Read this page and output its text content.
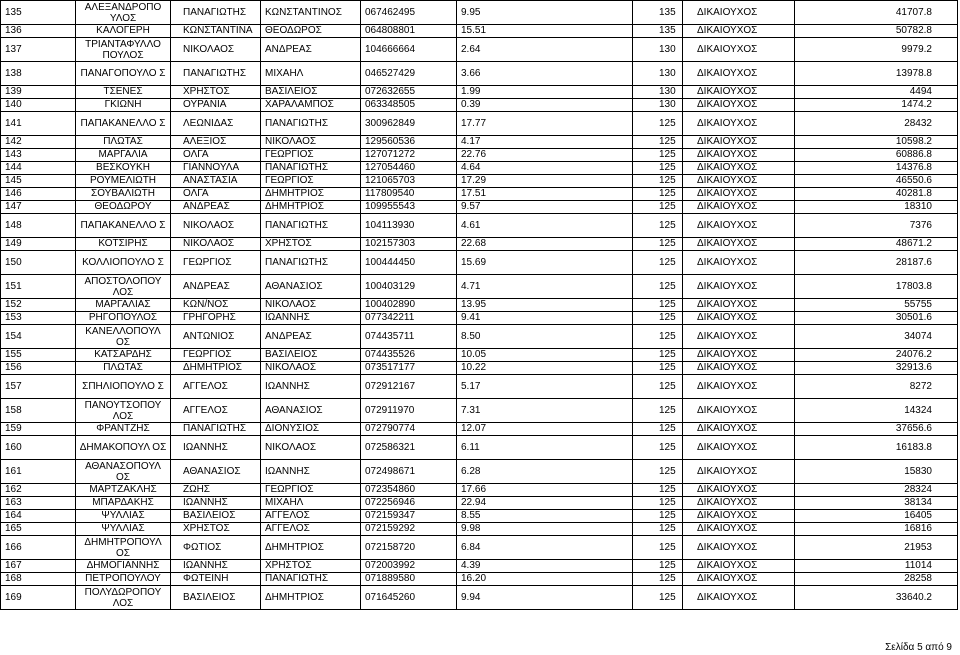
135	ΑΛΕΞΑΝΔΡΟΠΟ ΥΛΟΣ	ΠΑΝΑΓΙΩΤΗΣ	ΚΩΝΣΤΑΝΤΙΝΟΣ	067462495	9.95	135	ΔΙΚΑΙΟΥΧΟΣ	41707.8
136	ΚΑΛΟΓΕΡΗ	ΚΩΝΣΤΑΝΤΙΝΑ	ΘΕΟΔΩΡΟΣ	064808801	15.51	135	ΔΙΚΑΙΟΥΧΟΣ	50782.8
137	ΤΡΙΑΝΤΑΦΥΛΛΟ ΠΟΥΛΟΣ	ΝΙΚΟΛΑΟΣ	ΑΝΔΡΕΑΣ	104666664	2.64	130	ΔΙΚΑΙΟΥΧΟΣ	9979.2
138	ΠΑΝΑΓΟΠΟΥΛΟ Σ	ΠΑΝΑΓΙΩΤΗΣ	ΜΙΧΑΗΛ	046527429	3.66	130	ΔΙΚΑΙΟΥΧΟΣ	13978.8
139	ΤΣΕΝΕΣ	ΧΡΗΣΤΟΣ	ΒΑΣΙΛΕΙΟΣ	072632655	1.99	130	ΔΙΚΑΙΟΥΧΟΣ	4494
140	ΓΚΙΩΝΗ	ΟΥΡΑΝΙΑ	ΧΑΡΑΛΑΜΠΟΣ	063348505	0.39	130	ΔΙΚΑΙΟΥΧΟΣ	1474.2
141	ΠΑΠΑΚΑΝΕΛΛΟ Σ	ΛΕΩΝΙΔΑΣ	ΠΑΝΑΓΙΩΤΗΣ	300962849	17.77	125	ΔΙΚΑΙΟΥΧΟΣ	28432
142	ΠΛΩΤΑΣ	ΑΛΕΞΙΟΣ	ΝΙΚΟΛΑΟΣ	129560536	4.17	125	ΔΙΚΑΙΟΥΧΟΣ	10598.2
143	ΜΑΡΓΑΛΙΑ	ΟΛΓΑ	ΓΕΩΡΓΙΟΣ	127071272	22.76	125	ΔΙΚΑΙΟΥΧΟΣ	60886.8
144	ΒΕΣΚΟΥΚΗ	ΓΙΑΝΝΟΥΛΑ	ΠΑΝΑΓΙΩΤΗΣ	127054460	4.64	125	ΔΙΚΑΙΟΥΧΟΣ	14376.8
145	ΡΟΥΜΕΛΙΩΤΗ	ΑΝΑΣΤΑΣΙΑ	ΓΕΩΡΓΙΟΣ	121065703	17.29	125	ΔΙΚΑΙΟΥΧΟΣ	46550.6
146	ΣΟΥΒΑΛΙΩΤΗ	ΟΛΓΑ	ΔΗΜΗΤΡΙΟΣ	117809540	17.51	125	ΔΙΚΑΙΟΥΧΟΣ	40281.8
147	ΘΕΟΔΩΡΟΥ	ΑΝΔΡΕΑΣ	ΔΗΜΗΤΡΙΟΣ	109955543	9.57	125	ΔΙΚΑΙΟΥΧΟΣ	18310
148	ΠΑΠΑΚΑΝΕΛΛΟ Σ	ΝΙΚΟΛΑΟΣ	ΠΑΝΑΓΙΩΤΗΣ	104113930	4.61	125	ΔΙΚΑΙΟΥΧΟΣ	7376
149	ΚΟΤΣΙΡΗΣ	ΝΙΚΟΛΑΟΣ	ΧΡΗΣΤΟΣ	102157303	22.68	125	ΔΙΚΑΙΟΥΧΟΣ	48671.2
150	ΚΟΛΛΙΟΠΟΥΛΟ Σ	ΓΕΩΡΓΙΟΣ	ΠΑΝΑΓΙΩΤΗΣ	100444450	15.69	125	ΔΙΚΑΙΟΥΧΟΣ	28187.6
151	ΑΠΟΣΤΟΛΟΠΟΥ ΛΟΣ	ΑΝΔΡΕΑΣ	ΑΘΑΝΑΣΙΟΣ	100403129	4.71	125	ΔΙΚΑΙΟΥΧΟΣ	17803.8
152	ΜΑΡΓΑΛΙΑΣ	ΚΩΝ/ΝΟΣ	ΝΙΚΟΛΑΟΣ	100402890	13.95	125	ΔΙΚΑΙΟΥΧΟΣ	55755
153	ΡΗΓΟΠΟΥΛΟΣ	ΓΡΗΓΟΡΗΣ	ΙΩΑΝΝΗΣ	077342211	9.41	125	ΔΙΚΑΙΟΥΧΟΣ	30501.6
154	ΚΑΝΕΛΛΟΠΟΥΛ ΟΣ	ΑΝΤΩΝΙΟΣ	ΑΝΔΡΕΑΣ	074435711	8.50	125	ΔΙΚΑΙΟΥΧΟΣ	34074
155	ΚΑΤΣΑΡΔΗΣ	ΓΕΩΡΓΙΟΣ	ΒΑΣΙΛΕΙΟΣ	074435526	10.05	125	ΔΙΚΑΙΟΥΧΟΣ	24076.2
156	ΠΛΩΤΑΣ	ΔΗΜΗΤΡΙΟΣ	ΝΙΚΟΛΑΟΣ	073517177	10.22	125	ΔΙΚΑΙΟΥΧΟΣ	32913.6
157	ΣΠΗΛΙΟΠΟΥΛΟ Σ	ΑΓΓΕΛΟΣ	ΙΩΑΝΝΗΣ	072912167	5.17	125	ΔΙΚΑΙΟΥΧΟΣ	8272
158	ΠΑΝΟΥΤΣΟΠΟΥ ΛΟΣ	ΑΓΓΕΛΟΣ	ΑΘΑΝΑΣΙΟΣ	072911970	7.31	125	ΔΙΚΑΙΟΥΧΟΣ	14324
159	ΦΡΑΝΤΖΗΣ	ΠΑΝΑΓΙΩΤΗΣ	ΔΙΟΝΥΣΙΟΣ	072790774	12.07	125	ΔΙΚΑΙΟΥΧΟΣ	37656.6
160	ΔΗΜΑΚΟΠΟΥΛ ΟΣ	ΙΩΑΝΝΗΣ	ΝΙΚΟΛΑΟΣ	072586321	6.11	125	ΔΙΚΑΙΟΥΧΟΣ	16183.8
161	ΑΘΑΝΑΣΟΠΟΥΛ ΟΣ	ΑΘΑΝΑΣΙΟΣ	ΙΩΑΝΝΗΣ	072498671	6.28	125	ΔΙΚΑΙΟΥΧΟΣ	15830
162	ΜΑΡΤΖΑΚΛΗΣ	ΖΩΗΣ	ΓΕΩΡΓΙΟΣ	072354860	17.66	125	ΔΙΚΑΙΟΥΧΟΣ	28324
163	ΜΠΑΡΔΑΚΗΣ	ΙΩΑΝΝΗΣ	ΜΙΧΑΗΛ	072256946	22.94	125	ΔΙΚΑΙΟΥΧΟΣ	38134
164	ΨΥΛΛΙΑΣ	ΒΑΣΙΛΕΙΟΣ	ΑΓΓΕΛΟΣ	072159347	8.55	125	ΔΙΚΑΙΟΥΧΟΣ	16405
165	ΨΥΛΛΙΑΣ	ΧΡΗΣΤΟΣ	ΑΓΓΕΛΟΣ	072159292	9.98	125	ΔΙΚΑΙΟΥΧΟΣ	16816
166	ΔΗΜΗΤΡΟΠΟΥΛ ΟΣ	ΦΩΤΙΟΣ	ΔΗΜΗΤΡΙΟΣ	072158720	6.84	125	ΔΙΚΑΙΟΥΧΟΣ	21953
167	ΔΗΜΟΓΙΑΝΝΗΣ	ΙΩΑΝΝΗΣ	ΧΡΗΣΤΟΣ	072003992	4.39	125	ΔΙΚΑΙΟΥΧΟΣ	11014
168	ΠΕΤΡΟΠΟΥΛΟΥ	ΦΩΤΕΙΝΗ	ΠΑΝΑΓΙΩΤΗΣ	071889580	16.20	125	ΔΙΚΑΙΟΥΧΟΣ	28258
169	ΠΟΛΥΔΩΡΟΠΟΥ ΛΟΣ	ΒΑΣΙΛΕΙΟΣ	ΔΗΜΗΤΡΙΟΣ	071645260	9.94	125	ΔΙΚΑΙΟΥΧΟΣ	33640.2
Σελίδα 5 από 9
